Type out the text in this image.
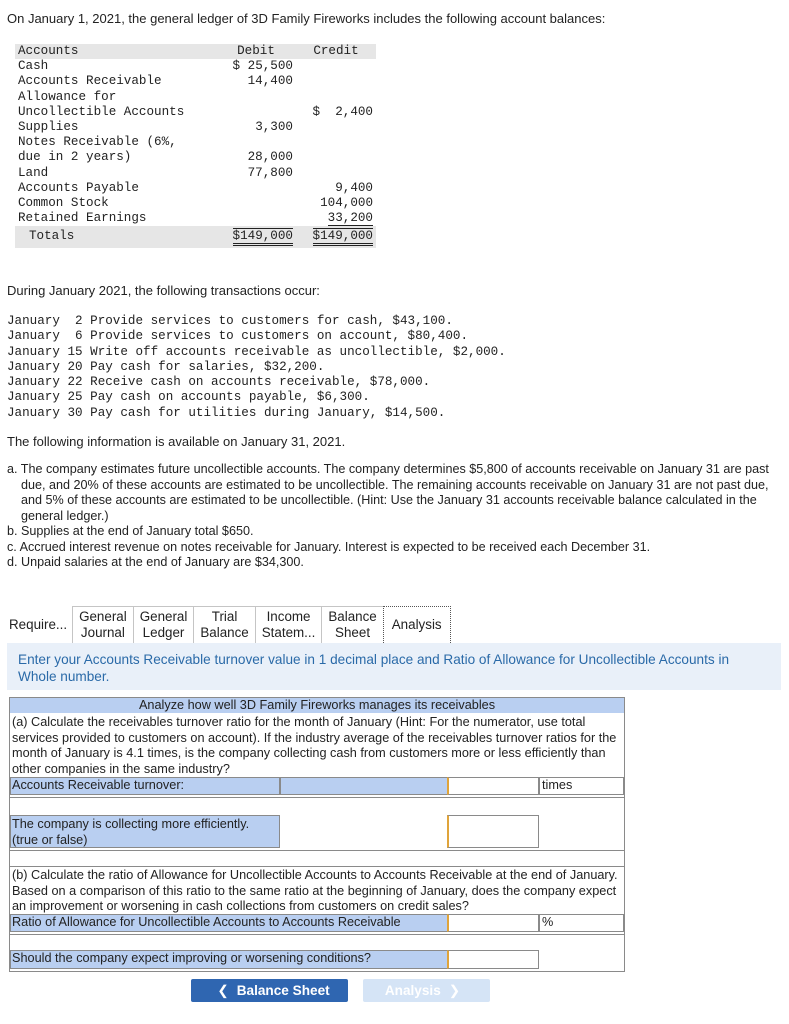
On January 1, 2021, the general ledger of 3D Family Fireworks includes the following account balances:
Accounts	Debit	Credit
Cash	$ 25,500	
Accounts Receivable	14,400	
Allowance for		
Uncollectible Accounts		$  2,400
Supplies	3,300	
Notes Receivable (6%,		
due in 2 years)	28,000	
Land	77,800	
Accounts Payable		9,400
Common Stock		104,000
Retained Earnings		33,200
Totals	$149,000	$149,000
During January 2021, the following transactions occur:
January  2 Provide services to customers for cash, $43,100.
January  6 Provide services to customers on account, $80,400.
January 15 Write off accounts receivable as uncollectible, $2,000.
January 20 Pay cash for salaries, $32,200.
January 22 Receive cash on accounts receivable, $78,000.
January 25 Pay cash on accounts payable, $6,300.
January 30 Pay cash for utilities during January, $14,500.
The following information is available on January 31, 2021.
a. The company estimates future uncollectible accounts. The company determines $5,800 of accounts receivable on January 31 are past due, and 20% of these accounts are estimated to be uncollectible. The remaining accounts receivable on January 31 are not past due, and 5% of these accounts are estimated to be uncollectible. (Hint: Use the January 31 accounts receivable balance calculated in the general ledger.)
b. Supplies at the end of January total $650.
c. Accrued interest revenue on notes receivable for January. Interest is expected to be received each December 31.
d. Unpaid salaries at the end of January are $34,300.
Require... General
Journal
General
Ledger
Trial
Balance
Income
Statem...
Balance
Sheet
Analysis
Enter your Accounts Receivable turnover value in 1 decimal place and Ratio of Allowance for Uncollectible Accounts in Whole number.
Analyze how well 3D Family Fireworks manages its receivables
(a) Calculate the receivables turnover ratio for the month of January (Hint: For the numerator, use total services provided to customers on account). If the industry average of the receivables turnover ratios for the month of January is 4.1 times, is the company collecting cash from customers more or less efficiently than other companies in the same industry?
Accounts Receivable turnover:	times
The company is collecting more efficiently. (true or false)
(b) Calculate the ratio of Allowance for Uncollectible Accounts to Accounts Receivable at the end of January. Based on a comparison of this ratio to the same ratio at the beginning of January, does the company expect an improvement or worsening in cash collections from customers on credit sales?
Ratio of Allowance for Uncollectible Accounts to Accounts Receivable	%
Should the company expect improving or worsening conditions?
❮ Balance Sheet	Analysis ❯
